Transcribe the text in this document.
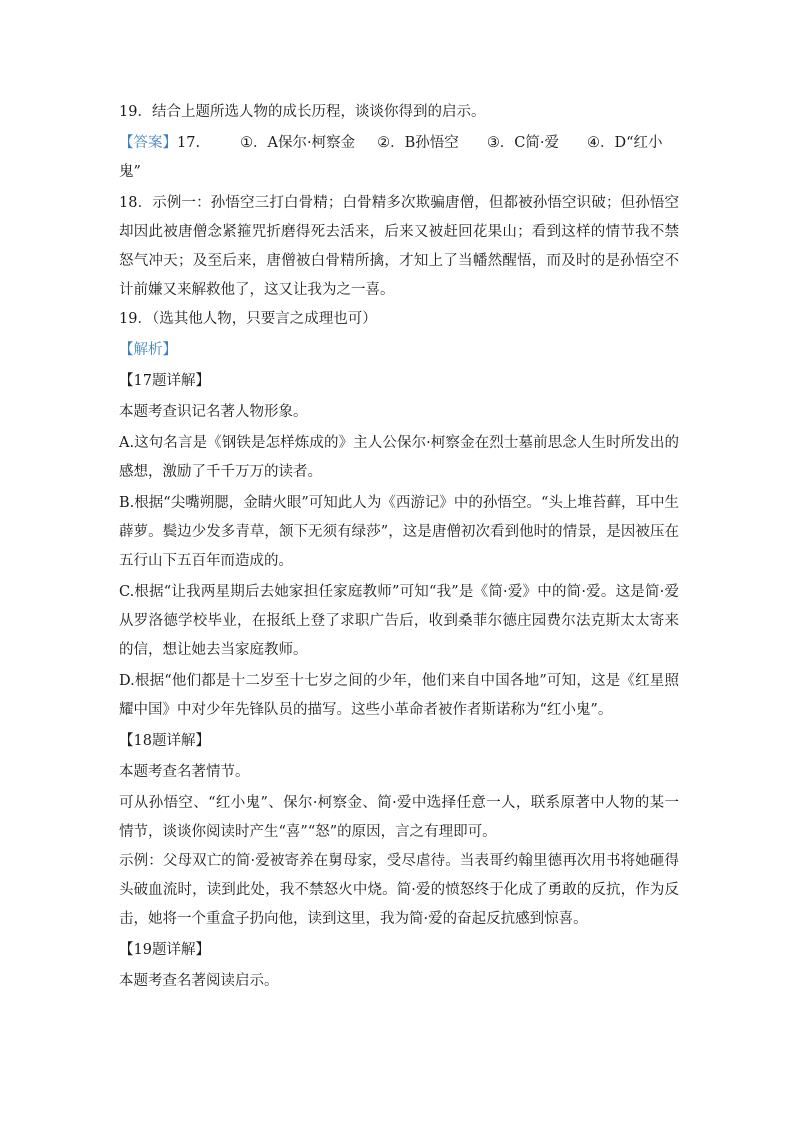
19．结合上题所选人物的成长历程，谈谈你得到的启示。

【答案】17.	①．A保尔·柯察金 ②．B孙悟空 ③．C简·爱 ④．D“红小

鬼”

18．示例一：孙悟空三打白骨精；白骨精多次欺骗唐僧，但都被孙悟空识破；但孙悟空却因此被唐僧念紧箍咒折磨得死去活来，后来又被赶回花果山；看到这样的情节我不禁怒气冲天；及至后来，唐僧被白骨精所擒，才知上了当幡然醒悟，而及时的是孙悟空不计前嫌又来解救他了，这又让我为之一喜。

19．（选其他人物，只要言之成理也可）

【解析】

【17题详解】

本题考查识记名著人物形象。

A.这句名言是《钢铁是怎样炼成的》主人公保尔·柯察金在烈士墓前思念人生时所发出的感想，激励了千千万万的读者。

B.根据“尖嘴朔腮，金睛火眼”可知此人为《西游记》中的孙悟空。“头上堆苔藓，耳中生薜萝。鬓边少发多青草，颔下无须有绿莎”，这是唐僧初次看到他时的情景，是因被压在五行山下五百年而造成的。

C.根据“让我两星期后去她家担任家庭教师”可知“我”是《简·爱》中的简·爱。这是简·爱从罗洛德学校毕业，在报纸上登了求职广告后，收到桑菲尔德庄园费尔法克斯太太寄来的信，想让她去当家庭教师。

D.根据“他们都是十二岁至十七岁之间的少年，他们来自中国各地”可知，这是《红星照耀中国》中对少年先锋队员的描写。这些小革命者被作者斯诺称为“红小鬼”。

【18题详解】

本题考查名著情节。

可从孙悟空、“红小鬼”、保尔·柯察金、简·爱中选择任意一人，联系原著中人物的某一情节，谈谈你阅读时产生“喜”“怒”的原因，言之有理即可。

示例：父母双亡的简·爱被寄养在舅母家，受尽虐待。当表哥约翰里德再次用书将她砸得头破血流时，读到此处，我不禁怒火中烧。简·爱的愤怒终于化成了勇敢的反抗，作为反击，她将一个重盒子扔向他，读到这里，我为简·爱的奋起反抗感到惊喜。

【19题详解】

本题考查名著阅读启示。
